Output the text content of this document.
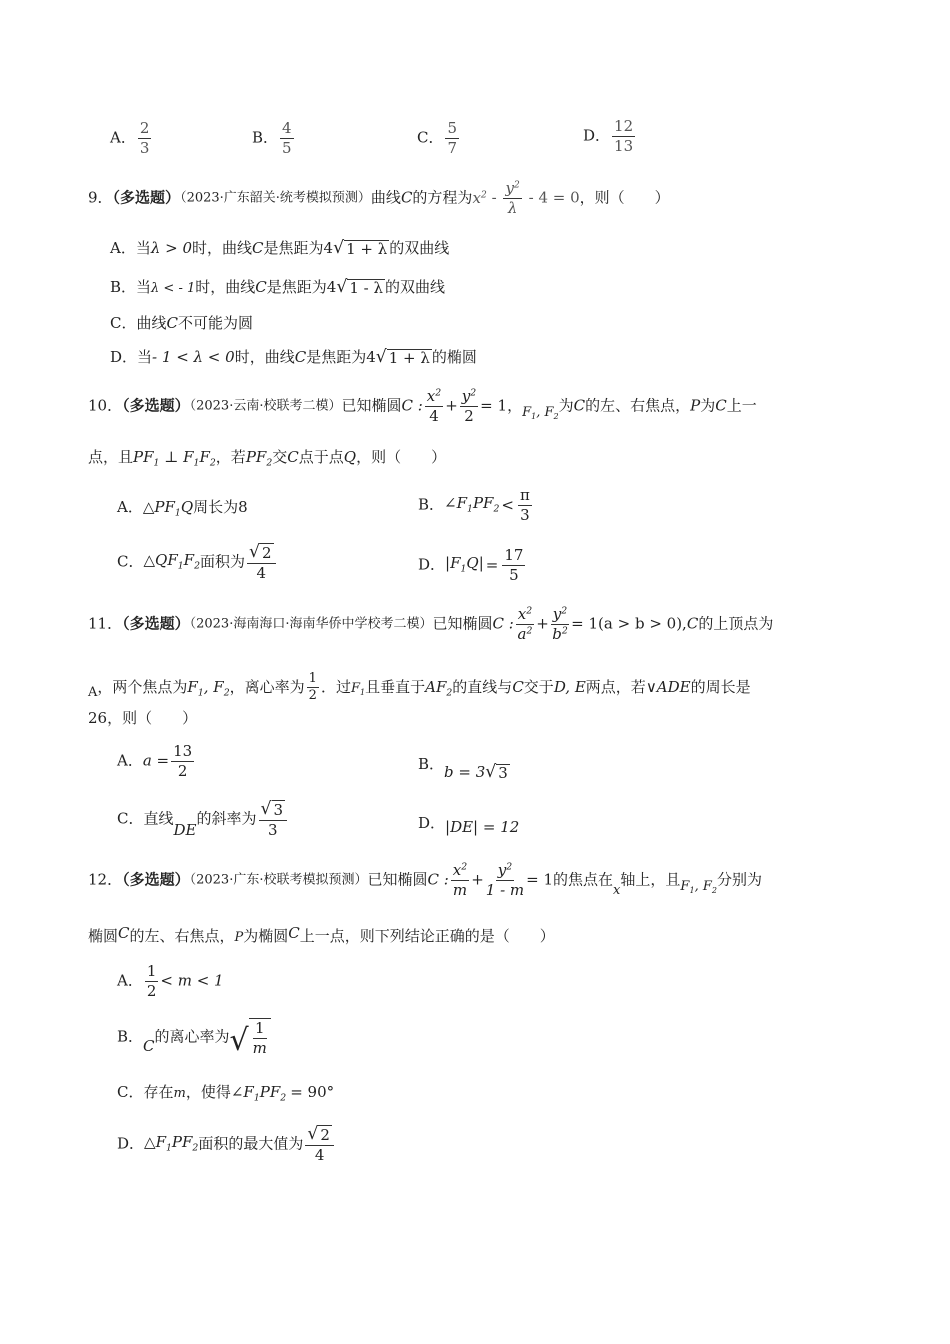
A． $\frac{2}{3}$	B． $\frac{4}{5}$	C． $\frac{5}{7}$	D． $\frac{12}{13}$
9．（多选题）（2023·广东韶关·统考模拟预测）曲线C的方程为$x^2 - \frac{y^2}{\lambda} - 4 = 0$，则（　　）
A．当λ > 0时，曲线C是焦距为4 √ 1 + λ 的双曲线
B．当λ < - 1时，曲线C是焦距为4 √ 1 - λ 的双曲线
C．曲线C不可能为圆
D．当- 1 < λ < 0时，曲线C是焦距为4 √ 1 + λ 的椭圆
10．（多选题）（2023·云南·校联考二模）已知椭圆C : $\frac{x^2}{4} + \frac{y^2}{2} = 1$，$F_1$, $F_2$为C的左、右焦点，P为C上一
点，且$PF_1$ ⊥ $F_1F_2$，若$PF_2$交C点于点Q，则（　　）
A．$\triangle PF_1Q$周长为8	B．$\angle F_1PF_2 < \frac{\pi}{3}$
C．$\triangle QF_1F_2$面积为 $\frac{√ 2}{4}$	D．$|F_1Q| = \frac{17}{5}$
11．（多选题）（2023·海南海口·海南华侨中学校考二模）已知椭圆C : $\frac{x^2}{a^2} + \frac{y^2}{b^2} = 1(a > b > 0),C$的上顶点为
A，两个焦点为$F_1$, $F_2$，离心率为 $\frac{1}{2}$ ．过$F_1$且垂直于$AF_2$的直线与C交于D, E两点，若∨ADE的周长是
26，则（　　）
A．$a = \frac{13}{2}$	B．b = 3 √ 3
C．直线DE的斜率为 $\frac{√ 3}{3}$	D．|DE| = 12
12．（多选题）（2023·广东·校联考模拟预测）已知椭圆C : $\frac{x^2}{m} + \frac{y^2}{1 - m} = 1$的焦点在x轴上，且$F_1$, $F_2$分别为
椭圆C的左、右焦点，P为椭圆C上一点，则下列结论正确的是（　　）
A． $\frac{1}{2} < m < 1$
B．C的离心率为 √ $\frac{1}{m}$
C．存在m，使得$\angle F_1PF_2 = 90^\circ$
D．$\triangle F_1PF_2$面积的最大值为 $\frac{√ 2}{4}$
